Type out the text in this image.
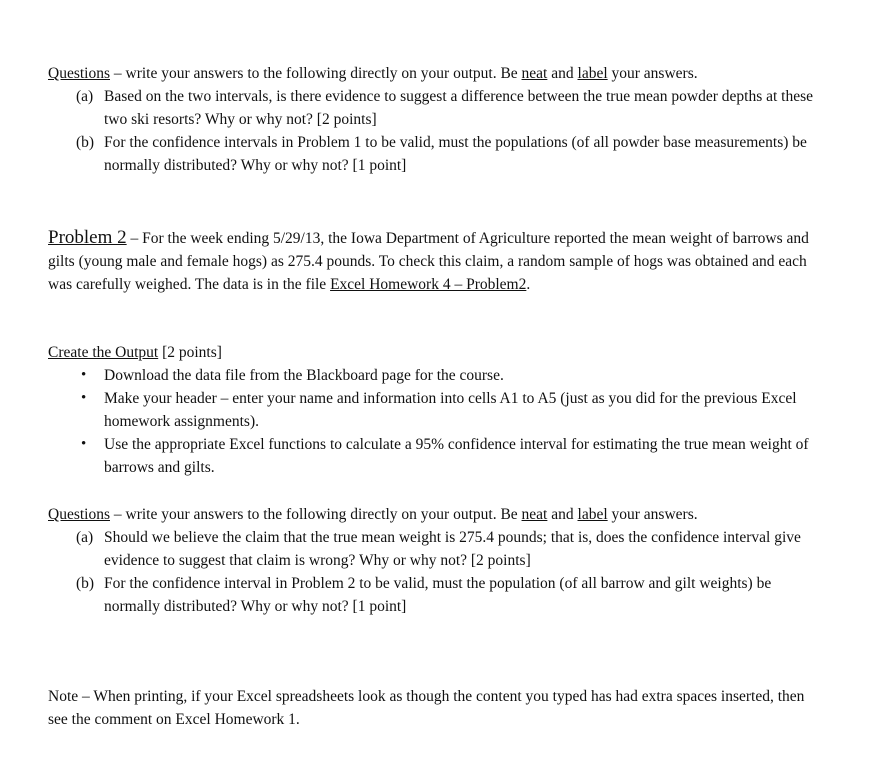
Questions – write your answers to the following directly on your output. Be neat and label your answers.

(a) Based on the two intervals, is there evidence to suggest a difference between the true mean powder depths at these two ski resorts? Why or why not? [2 points]
(b) For the confidence intervals in Problem 1 to be valid, must the populations (of all powder base measurements) be normally distributed? Why or why not? [1 point]

Problem 2 – For the week ending 5/29/13, the Iowa Department of Agriculture reported the mean weight of barrows and gilts (young male and female hogs) as 275.4 pounds. To check this claim, a random sample of hogs was obtained and each was carefully weighed. The data is in the file Excel Homework 4 – Problem2.

Create the Output [2 points]

• Download the data file from the Blackboard page for the course.
• Make your header – enter your name and information into cells A1 to A5 (just as you did for the previous Excel homework assignments).
• Use the appropriate Excel functions to calculate a 95% confidence interval for estimating the true mean weight of barrows and gilts.

Questions – write your answers to the following directly on your output. Be neat and label your answers.

(a) Should we believe the claim that the true mean weight is 275.4 pounds; that is, does the confidence interval give evidence to suggest that claim is wrong? Why or why not? [2 points]
(b) For the confidence interval in Problem 2 to be valid, must the population (of all barrow and gilt weights) be normally distributed? Why or why not? [1 point]

Note – When printing, if your Excel spreadsheets look as though the content you typed has had extra spaces inserted, then see the comment on Excel Homework 1.
